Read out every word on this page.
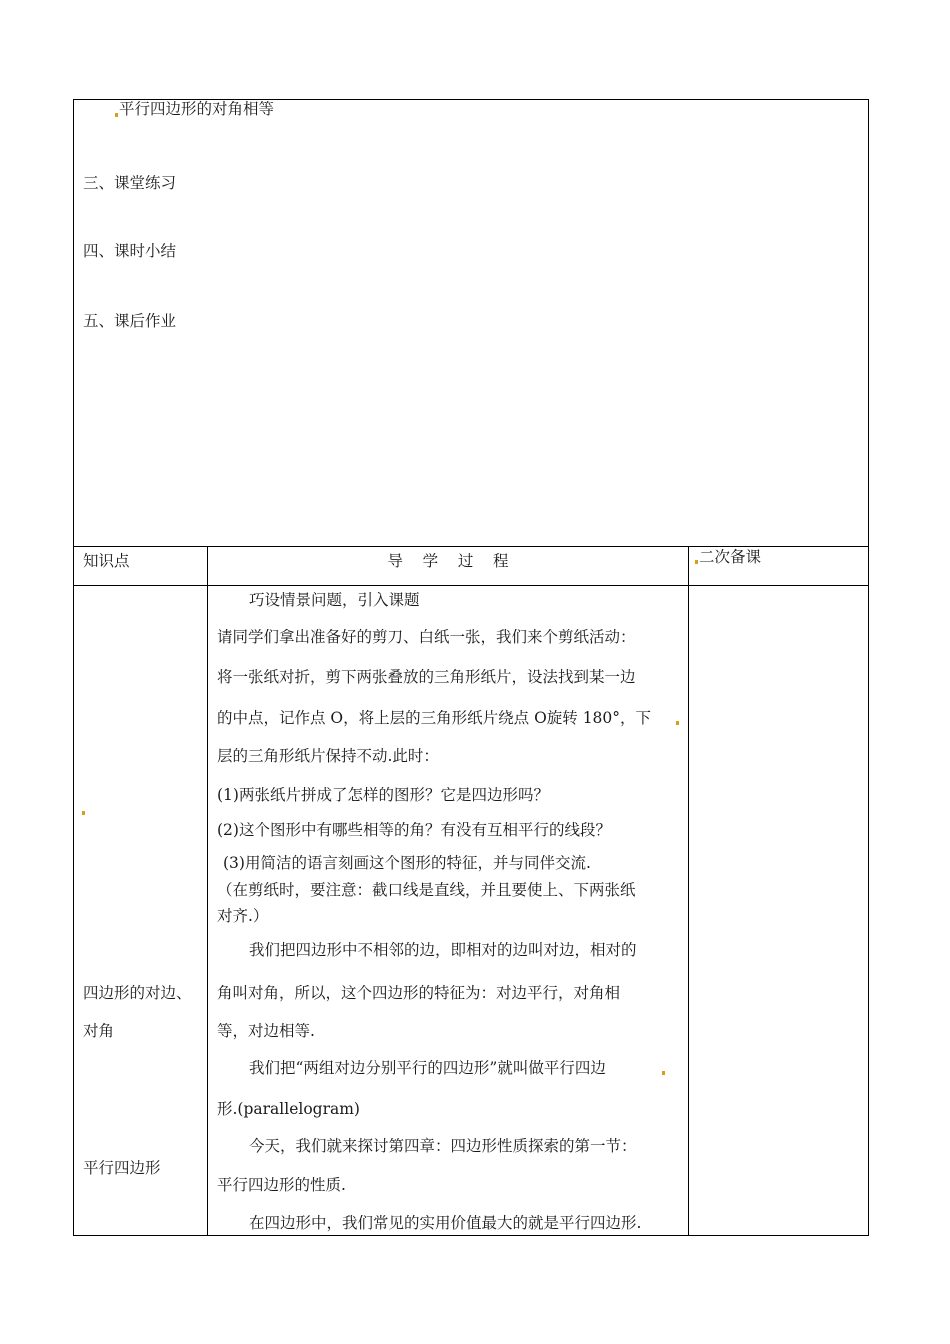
平行四边形的对角相等
三、课堂练习
四、课时小结
五、课后作业
知识点	导    学    过    程	二次备课
四边形的对边、
对角
平行四边形
巧设情景问题，引入课题
请同学们拿出准备好的剪刀、白纸一张，我们来个剪纸活动：
将一张纸对折，剪下两张叠放的三角形纸片，设法找到某一边
的中点，记作点 O，将上层的三角形纸片绕点 O旋转 180°，下
层的三角形纸片保持不动.此时：
(1)两张纸片拼成了怎样的图形？它是四边形吗？
(2)这个图形中有哪些相等的角？有没有互相平行的线段？
(3)用简洁的语言刻画这个图形的特征，并与同伴交流.
（在剪纸时，要注意：截口线是直线，并且要使上、下两张纸
对齐.）
我们把四边形中不相邻的边，即相对的边叫对边，相对的
角叫对角，所以，这个四边形的特征为：对边平行，对角相
等，对边相等.
我们把“两组对边分别平行的四边形”就叫做平行四边
形.(parallelogram)
今天，我们就来探讨第四章：四边形性质探索的第一节：
平行四边形的性质.
在四边形中，我们常见的实用价值最大的就是平行四边形.
